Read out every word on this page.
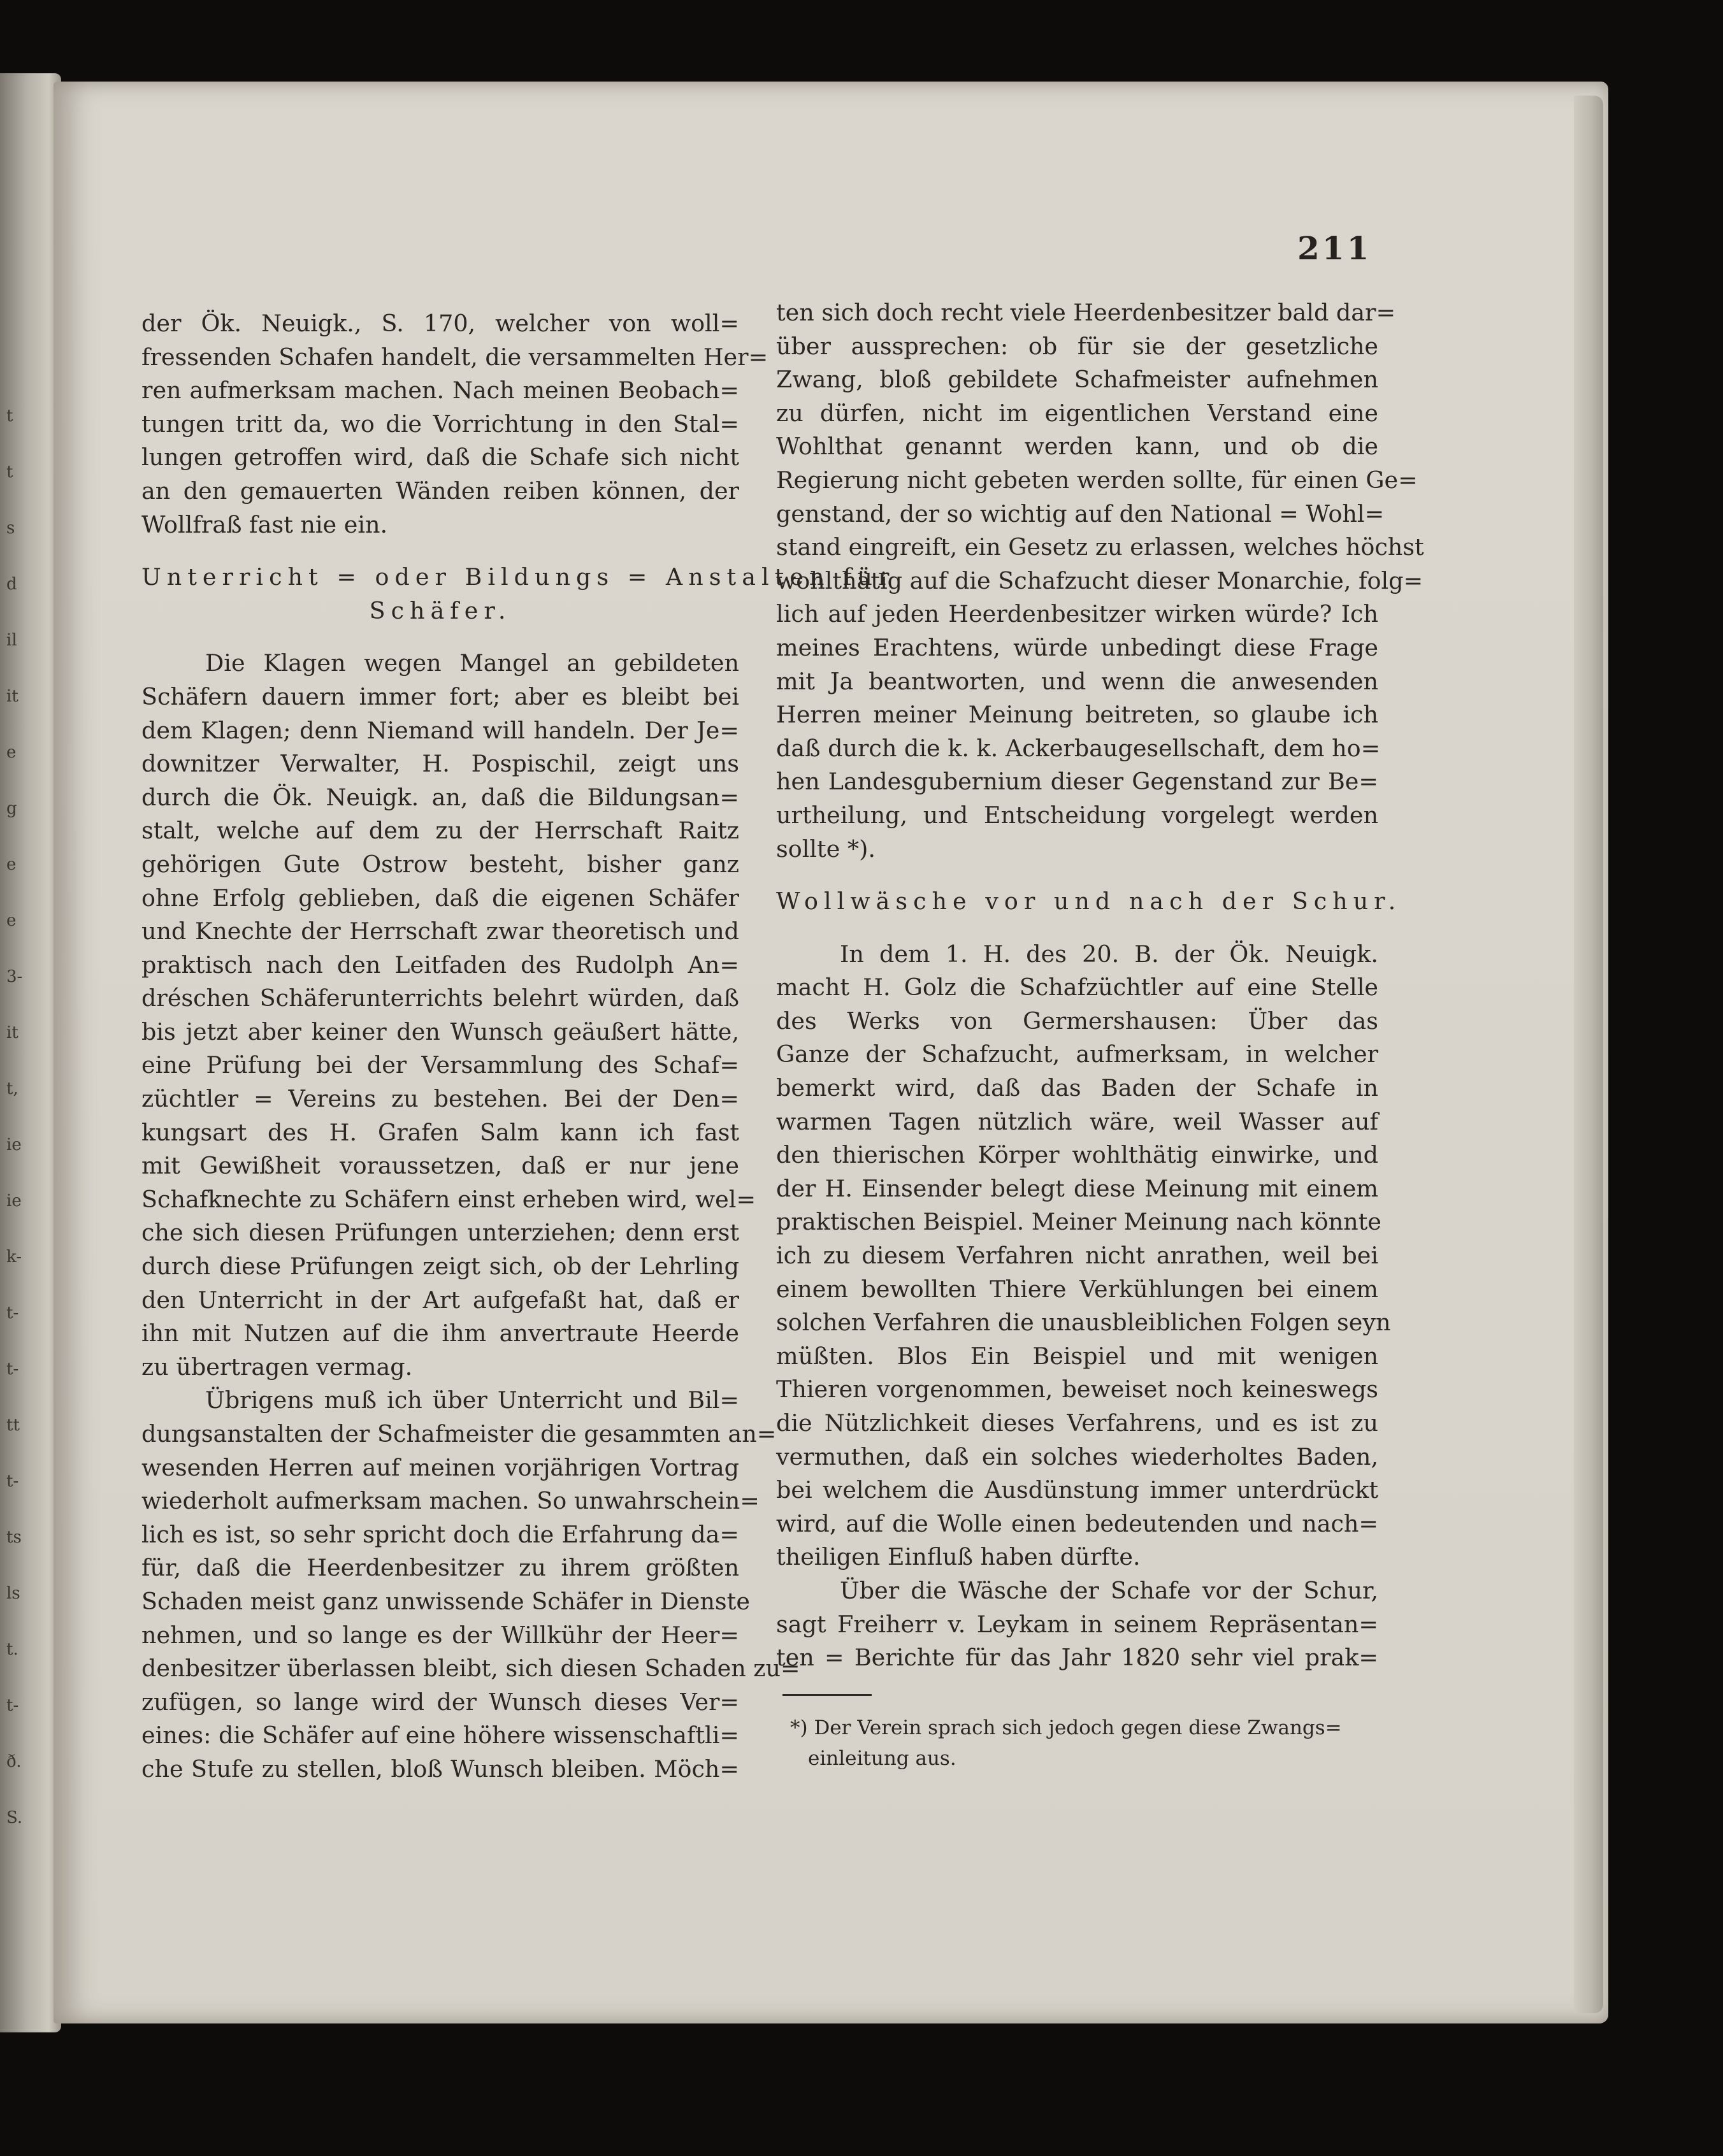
t
t
s
d
il
it
e
g
e
e
3-
it
t,
ie
ie
k-
t-
t-
tt
t-
ts
ls
t.
t-
ð.
S.
211
der Ök. Neuigk., S. 170, welcher von woll=
fressenden Schafen handelt, die versammelten Her=
ren aufmerksam machen. Nach meinen Beobach=
tungen tritt da, wo die Vorrichtung in den Stal=
lungen getroffen wird, daß die Schafe sich nicht
an den gemauerten Wänden reiben können, der
Wollfraß fast nie ein.
Unterricht = oder Bildungs = Anstalten für
Schäfer.
Die Klagen wegen Mangel an gebildeten
Schäfern dauern immer fort; aber es bleibt bei
dem Klagen; denn Niemand will handeln. Der Je=
downitzer Verwalter, H. Pospischil, zeigt uns
durch die Ök. Neuigk. an, daß die Bildungsan=
stalt, welche auf dem zu der Herrschaft Raitz
gehörigen Gute Ostrow besteht, bisher ganz
ohne Erfolg geblieben, daß die eigenen Schäfer
und Knechte der Herrschaft zwar theoretisch und
praktisch nach den Leitfaden des Rudolph An=
dréschen Schäferunterrichts belehrt würden, daß
bis jetzt aber keiner den Wunsch geäußert hätte,
eine Prüfung bei der Versammlung des Schaf=
züchtler = Vereins zu bestehen. Bei der Den=
kungsart des H. Grafen Salm kann ich fast
mit Gewißheit voraussetzen, daß er nur jene
Schafknechte zu Schäfern einst erheben wird, wel=
che sich diesen Prüfungen unterziehen; denn erst
durch diese Prüfungen zeigt sich, ob der Lehrling
den Unterricht in der Art aufgefaßt hat, daß er
ihn mit Nutzen auf die ihm anvertraute Heerde
zu übertragen vermag.
Übrigens muß ich über Unterricht und Bil=
dungsanstalten der Schafmeister die gesammten an=
wesenden Herren auf meinen vorjährigen Vortrag
wiederholt aufmerksam machen. So unwahrschein=
lich es ist, so sehr spricht doch die Erfahrung da=
für, daß die Heerdenbesitzer zu ihrem größten
Schaden meist ganz unwissende Schäfer in Dienste
nehmen, und so lange es der Willkühr der Heer=
denbesitzer überlassen bleibt, sich diesen Schaden zu=
zufügen, so lange wird der Wunsch dieses Ver=
eines: die Schäfer auf eine höhere wissenschaftli=
che Stufe zu stellen, bloß Wunsch bleiben. Möch=
ten sich doch recht viele Heerdenbesitzer bald dar=
über aussprechen: ob für sie der gesetzliche
Zwang, bloß gebildete Schafmeister aufnehmen
zu dürfen, nicht im eigentlichen Verstand eine
Wohlthat genannt werden kann, und ob die
Regierung nicht gebeten werden sollte, für einen Ge=
genstand, der so wichtig auf den National = Wohl=
stand eingreift, ein Gesetz zu erlassen, welches höchst
wohlthätig auf die Schafzucht dieser Monarchie, folg=
lich auf jeden Heerdenbesitzer wirken würde? Ich
meines Erachtens, würde unbedingt diese Frage
mit Ja beantworten, und wenn die anwesenden
Herren meiner Meinung beitreten, so glaube ich
daß durch die k. k. Ackerbaugesellschaft, dem ho=
hen Landesgubernium dieser Gegenstand zur Be=
urtheilung, und Entscheidung vorgelegt werden
sollte *).
Wollwäsche vor und nach der Schur.
In dem 1. H. des 20. B. der Ök. Neuigk.
macht H. Golz die Schafzüchtler auf eine Stelle
des Werks von Germershausen: Über das
Ganze der Schafzucht, aufmerksam, in welcher
bemerkt wird, daß das Baden der Schafe in
warmen Tagen nützlich wäre, weil Wasser auf
den thierischen Körper wohlthätig einwirke, und
der H. Einsender belegt diese Meinung mit einem
praktischen Beispiel. Meiner Meinung nach könnte
ich zu diesem Verfahren nicht anrathen, weil bei
einem bewollten Thiere Verkühlungen bei einem
solchen Verfahren die unausbleiblichen Folgen seyn
müßten. Blos Ein Beispiel und mit wenigen
Thieren vorgenommen, beweiset noch keineswegs
die Nützlichkeit dieses Verfahrens, und es ist zu
vermuthen, daß ein solches wiederholtes Baden,
bei welchem die Ausdünstung immer unterdrückt
wird, auf die Wolle einen bedeutenden und nach=
theiligen Einfluß haben dürfte.
Über die Wäsche der Schafe vor der Schur,
sagt Freiherr v. Leykam in seinem Repräsentan=
ten = Berichte für das Jahr 1820 sehr viel prak=
*) Der Verein sprach sich jedoch gegen diese Zwangs=
einleitung aus.
